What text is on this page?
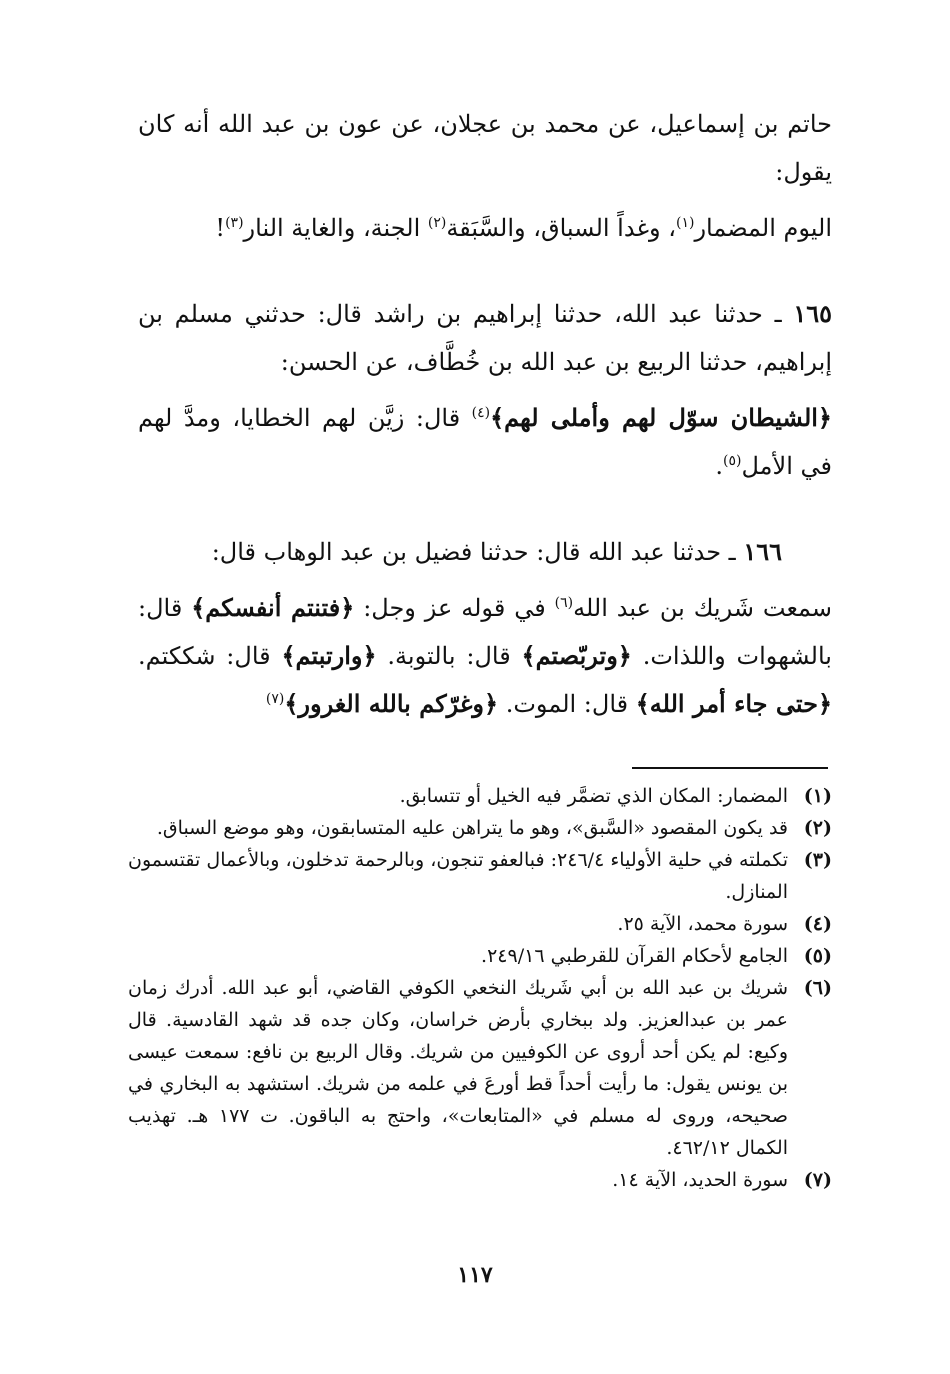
حاتم بن إسماعيل، عن محمد بن عجلان، عن عون بن عبد الله أنه كان يقول:

اليوم المضمار$^{(١)}$، وغداً السباق، والسَّبَقة$^{(٢)}$ الجنة، والغاية النار$^{(٣)}$!

١٦٥ ـ حدثنا عبد الله، حدثنا إبراهيم بن راشد قال: حدثني مسلم بن إبراهيم، حدثنا الربيع بن عبد الله بن خُطَّاف، عن الحسن:

﴿الشيطان سوّل لهم وأملى لهم﴾$^{(٤)}$ قال: زيَّن لهم الخطايا، ومدَّ لهم في الأمل$^{(٥)}$.

١٦٦ ـ حدثنا عبد الله قال: حدثنا فضيل بن عبد الوهاب قال:

سمعت شَريك بن عبد الله$^{(٦)}$ في قوله عز وجل: ﴿فتنتم أنفسكم﴾ قال: بالشهوات واللذات. ﴿وتربّصتم﴾ قال: بالتوبة. ﴿وارتبتم﴾ قال: شككتم. ﴿حتى جاء أمر الله﴾ قال: الموت. ﴿وغرّكم بالله الغرور﴾$^{(٧)}$

(١)
المضمار: المكان الذي تضمَّر فيه الخيل أو تتسابق.
(٢)
قد يكون المقصود «السَّبق»، وهو ما يتراهن عليه المتسابقون، وهو موضع السباق.
(٣)
تكملته في حلية الأولياء ٢٤٦/٤: فبالعفو تنجون، وبالرحمة تدخلون، وبالأعمال تقتسمون المنازل.
(٤)
سورة محمد، الآية ٢٥.
(٥)
الجامع لأحكام القرآن للقرطبي ٢٤٩/١٦.
(٦)
شريك بن عبد الله بن أبي شَريك النخعي الكوفي القاضي، أبو عبد الله. أدرك زمان عمر بن عبدالعزيز. ولد ببخاري بأرض خراسان، وكان جده قد شهد القادسية. قال وكيع: لم يكن أحد أروى عن الكوفيين من شريك. وقال الربيع بن نافع: سمعت عيسى بن يونس يقول: ما رأيت أحداً قط أورعَ في علمه من شريك. استشهد به البخاري في صحيحه، وروى له مسلم في «المتابعات»، واحتج به الباقون. ت ١٧٧ هـ. تهذيب الكمال ٤٦٢/١٢.
(٧)
سورة الحديد، الآية ١٤.
١١٧
